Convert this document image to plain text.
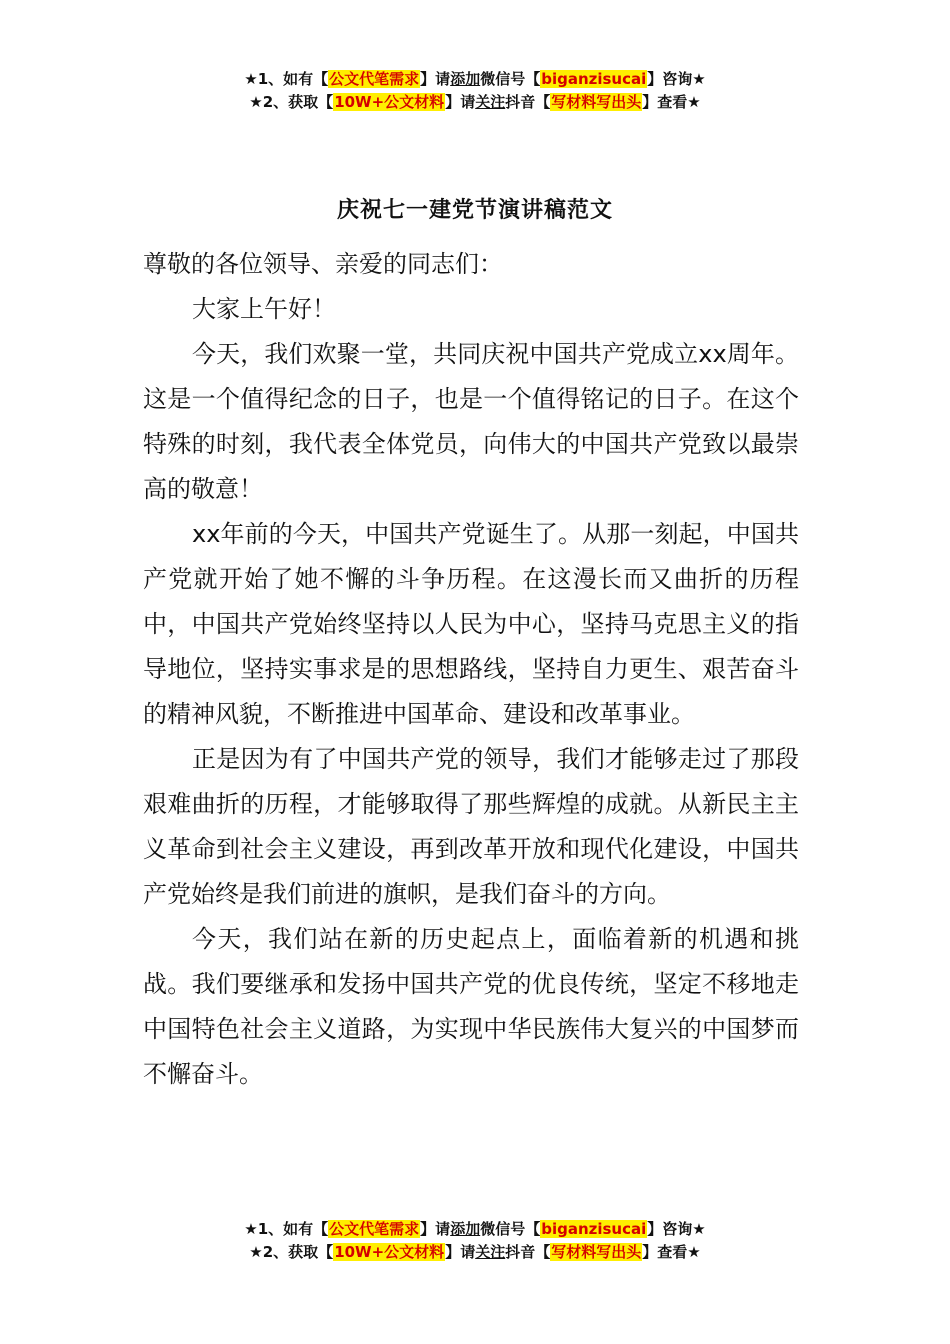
★1、如有【公文代笔需求】请添加微信号【biganzisucai】咨询★
★2、获取【10W+公文材料】请关注抖音【写材料写出头】查看★
庆祝七一建党节演讲稿范文

尊敬的各位领导、亲爱的同志们：

大家上午好！

今天，我们欢聚一堂，共同庆祝中国共产党成立xx周年。这是一个值得纪念的日子，也是一个值得铭记的日子。在这个特殊的时刻，我代表全体党员，向伟大的中国共产党致以最崇高的敬意！

xx年前的今天，中国共产党诞生了。从那一刻起，中国共产党就开始了她不懈的斗争历程。在这漫长而又曲折的历程中，中国共产党始终坚持以人民为中心，坚持马克思主义的指导地位，坚持实事求是的思想路线，坚持自力更生、艰苦奋斗的精神风貌，不断推进中国革命、建设和改革事业。

正是因为有了中国共产党的领导，我们才能够走过了那段艰难曲折的历程，才能够取得了那些辉煌的成就。从新民主主义革命到社会主义建设，再到改革开放和现代化建设，中国共产党始终是我们前进的旗帜，是我们奋斗的方向。

今天，我们站在新的历史起点上，面临着新的机遇和挑战。我们要继承和发扬中国共产党的优良传统，坚定不移地走中国特色社会主义道路，为实现中华民族伟大复兴的中国梦而不懈奋斗。

★1、如有【公文代笔需求】请添加微信号【biganzisucai】咨询★
★2、获取【10W+公文材料】请关注抖音【写材料写出头】查看★
